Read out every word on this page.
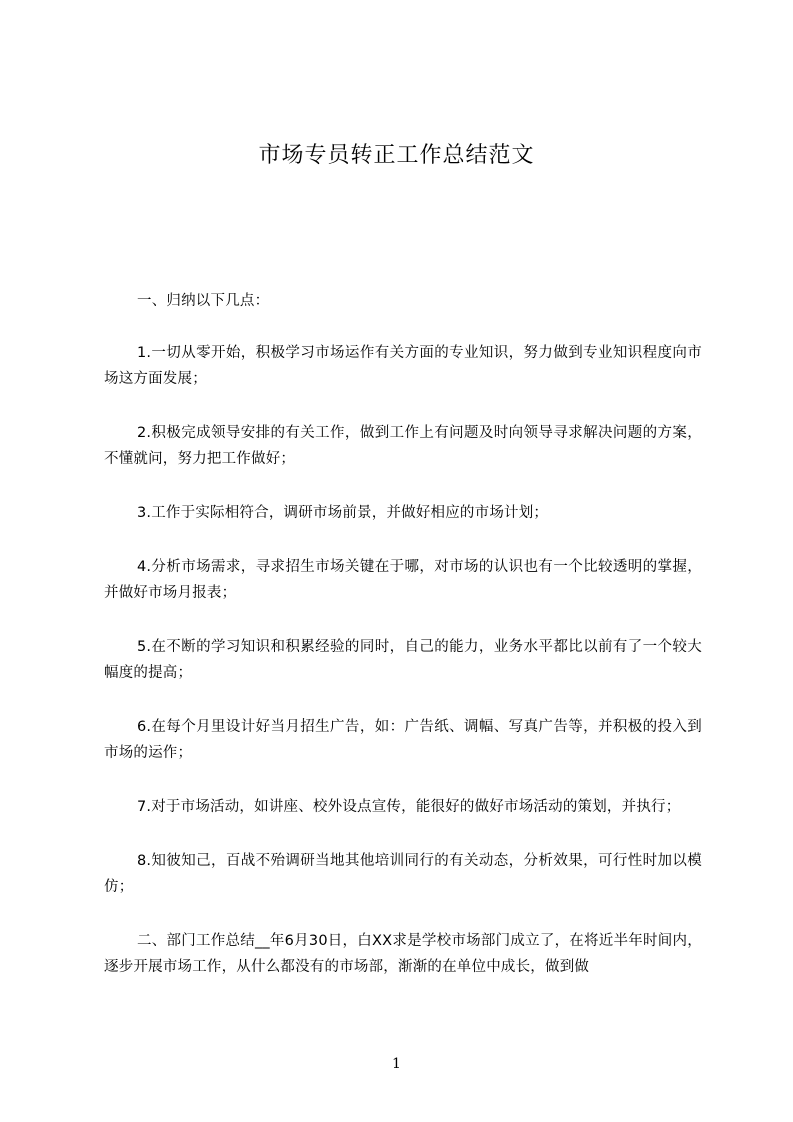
市场专员转正工作总结范文

一、归纳以下几点：

1.一切从零开始，积极学习市场运作有关方面的专业知识，努力做到专业知识程度向市场这方面发展；

2.积极完成领导安排的有关工作，做到工作上有问题及时向领导寻求解决问题的方案，不懂就问，努力把工作做好；

3.工作于实际相符合，调研市场前景，并做好相应的市场计划；

4.分析市场需求，寻求招生市场关键在于哪，对市场的认识也有一个比较透明的掌握，并做好市场月报表；

5.在不断的学习知识和积累经验的同时，自己的能力，业务水平都比以前有了一个较大幅度的提高；

6.在每个月里设计好当月招生广告，如：广告纸、调幅、写真广告等，并积极的投入到市场的运作；

7.对于市场活动，如讲座、校外设点宣传，能很好的做好市场活动的策划，并执行；

8.知彼知己，百战不殆调研当地其他培训同行的有关动态，分析效果，可行性时加以模仿；

二、部门工作总结__年6月30日，白XX求是学校市场部门成立了，在将近半年时间内，逐步开展市场工作，从什么都没有的市场部，渐渐的在单位中成长，做到做

1
